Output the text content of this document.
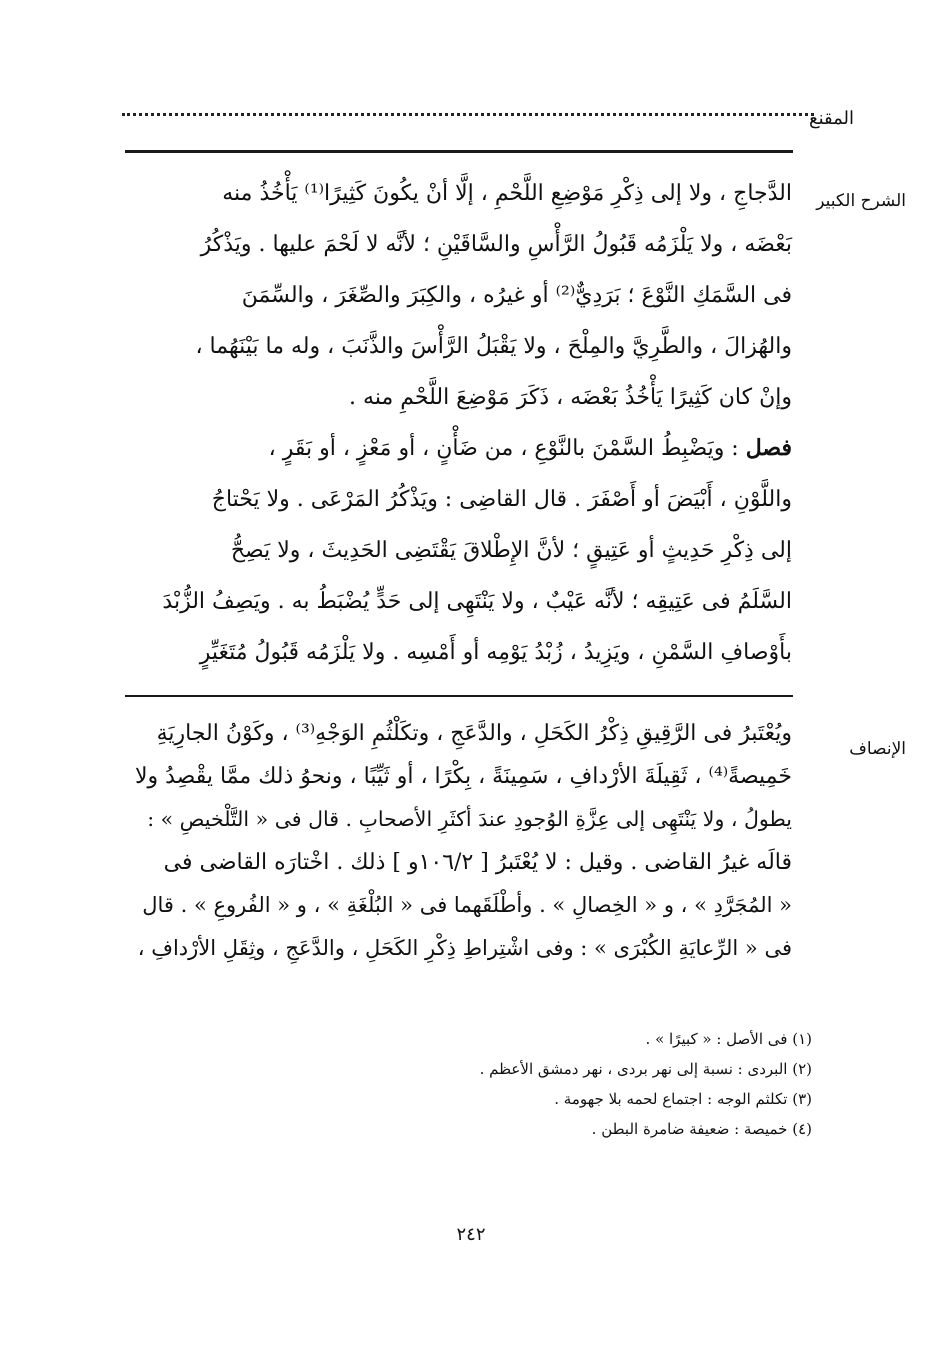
المقنع
الشرح الكبير
الدَّجاجِ ، ولا إلى ذِكْرِ مَوْضِعِ اللَّحْمِ ، إلَّا أنْ يكُونَ كَثِيرًا⁽¹⁾ يَأْخُذُ منه
بَعْضَه ، ولا يَلْزَمُه قَبُولُ الرَّأْسِ والسَّاقَيْنِ ؛ لأنَّه لا لَحْمَ عليها . ويَذْكُرُ
فى السَّمَكِ النَّوْعَ ؛ بَرَدِيٌّ⁽²⁾ أو غيرُه ، والكِبَرَ والصِّغَرَ ، والسِّمَنَ
والهُزالَ ، والطَّرِيَّ والمِلْحَ ، ولا يَقْبَلُ الرَّأْسَ والذَّنَبَ ، وله ما بَيْنَهُما ،
وإنْ كان كَثِيرًا يَأْخُذُ بَعْضَه ، ذَكَرَ مَوْضِعَ اللَّحْمِ منه .
فصل : ويَضْبِطُ السَّمْنَ بالنَّوْعِ ، من ضَأْنٍ ، أو مَعْزٍ ، أو بَقَرٍ ،
واللَّوْنِ ، أَبْيَضَ أو أَصْفَرَ . قال القاضِى : ويَذْكُرُ المَرْعَى . ولا يَحْتاجُ
إلى ذِكْرِ حَدِيثٍ أو عَتِيقٍ ؛ لأنَّ الإِطْلاقَ يَقْتَضِى الحَدِيثَ ، ولا يَصِحُّ
السَّلَمُ فى عَتِيقِه ؛ لأنَّه عَيْبٌ ، ولا يَنْتَهِى إلى حَدٍّ يُضْبَطُ به . ويَصِفُ الزُّبْدَ
بأَوْصافِ السَّمْنِ ، ويَزِيدُ ، زُبْدُ يَوْمِه أو أَمْسِه . ولا يَلْزَمُه قَبُولُ مُتَغَيِّرٍ
الإنصاف
ويُعْتَبرُ فى الرَّقِيقِ ذِكْرُ الكَحَلِ ، والدَّعَجِ ، وتكَلْثُمِ الوَجْهِ⁽³⁾ ، وكَوْنُ الجارِيَةِ
خَمِيصةً⁽⁴⁾ ، ثَقِيلَةَ الأرْدافِ ، سَمِينَةً ، بِكْرًا ، أو ثَيِّبًا ، ونحوُ ذلك ممَّا يقْصِدُ ولا
يطولُ ، ولا يَنْتَهِى إلى عِزَّةِ الوُجودِ عندَ أكثَرِ الأصحابِ . قال فى « التَّلْخيصِ » :
قالَه غيرُ القاضى . وقيل : لا يُعْتَبرُ [ ١٠٦/٢و ] ذلك . اخْتارَه القاضى فى
« المُجَرَّدِ » ، و « الخِصالِ » . وأطْلَقَهما فى « البُلْغَةِ » ، و « الفُروعِ » . قال
فى « الرِّعايَةِ الكُبْرَى » : وفى اشْتِراطِ ذِكْرِ الكَحَلِ ، والدَّعَجِ ، وثِقَلِ الأرْدافِ ،
(١) فى الأصل : « كبيرًا » .
(٢) البردى : نسبة إلى نهر بردى ، نهر دمشق الأعظم .
(٣) تكلثم الوجه : اجتماع لحمه بلا جهومة .
(٤) خميصة : ضعيفة ضامرة البطن .
٢٤٢
